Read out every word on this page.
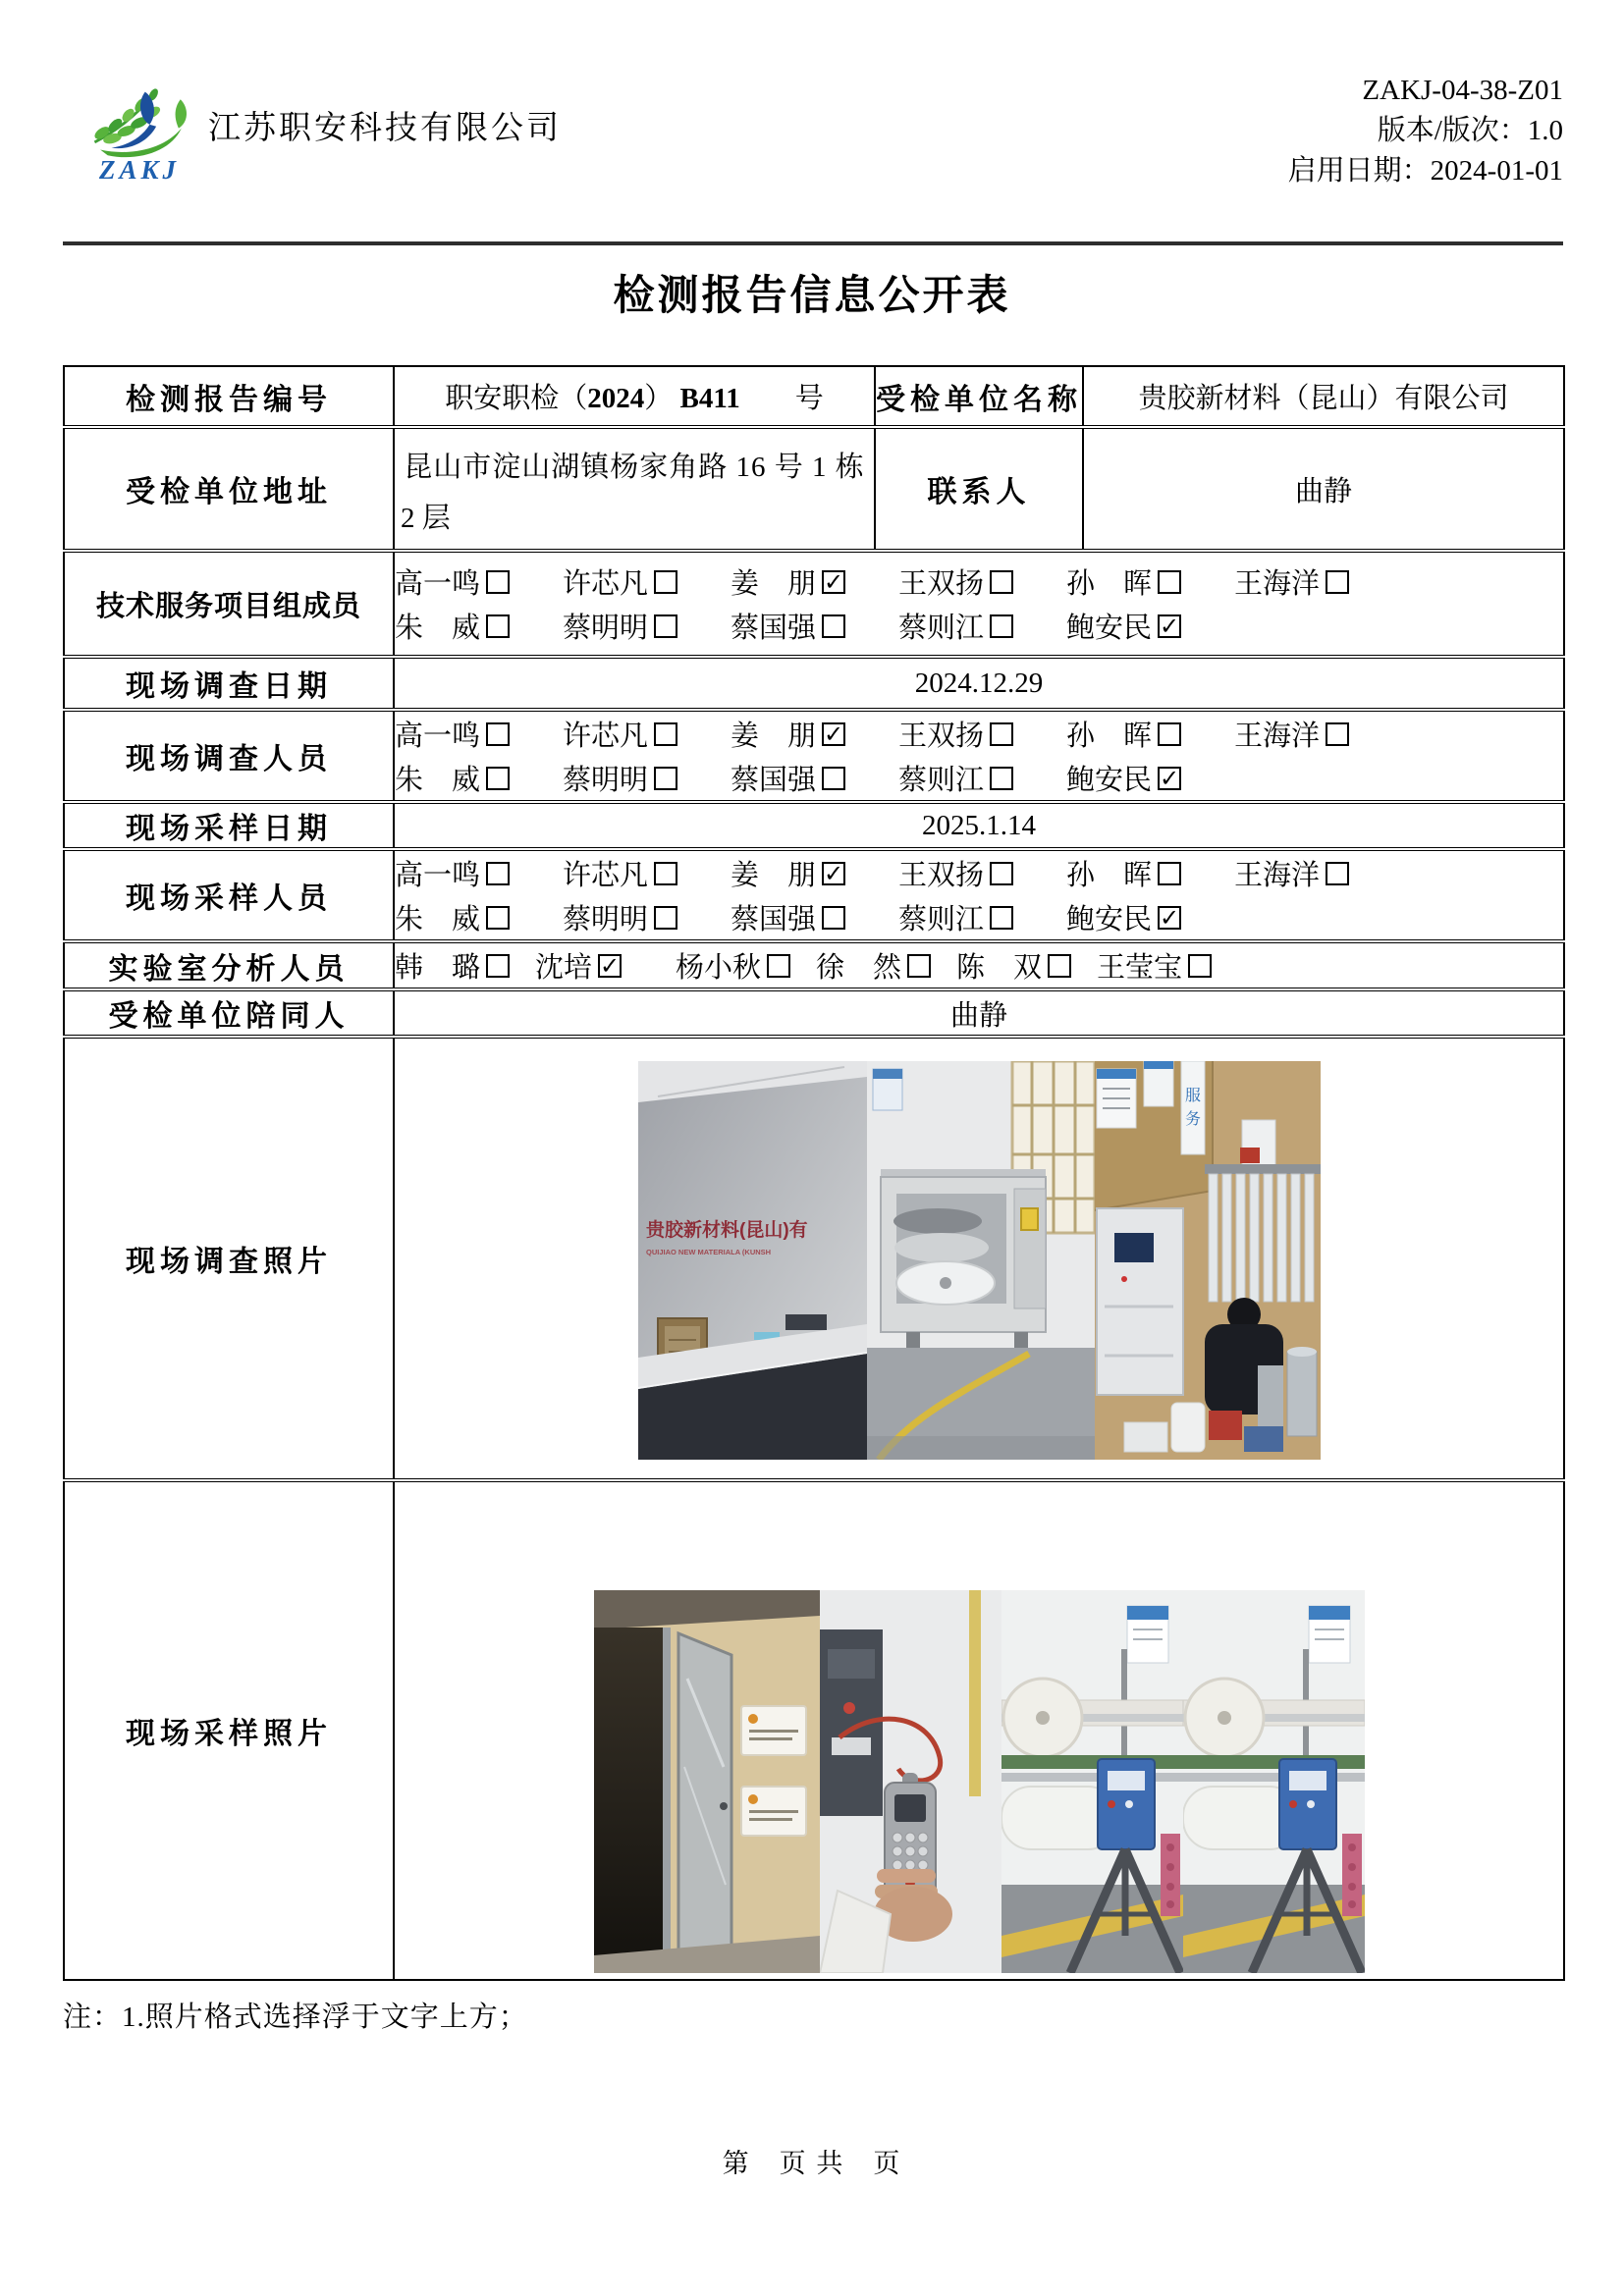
ZAKJ
江苏职安科技有限公司
ZAKJ-04-38-Z01
版本/版次：1.0
启用日期：2024-01-01
检测报告信息公开表
检测报告编号	职安职检（2024） B411 号	受检单位名称	贵胶新材料（昆山）有限公司
受检单位地址	昆山市淀山湖镇杨家角路 16 号 1 栋
2 层	联系人	曲静
技术服务项目组成员	
高一鸣	许芯凡	姜　朋 ✓ 王双扬	孙　晖	王海洋
朱　威	蔡明明	蔡国强	蔡则江	鲍安民 ✓

现场调查日期	2024.12.29		
现场调查人员	
高一鸣	许芯凡	姜　朋 ✓ 王双扬	孙　晖	王海洋
朱　威	蔡明明	蔡国强	蔡则江	鲍安民 ✓

现场采样日期	2025.1.14		
现场采样人员	
高一鸣	许芯凡	姜　朋 ✓ 王双扬	孙　晖	王海洋
朱　威	蔡明明	蔡国强	蔡则江	鲍安民 ✓

实验室分析人员	韩　璐 沈培 ✓ 杨小秋 徐　然 陈　双 王莹宝

受检单位陪同人	曲静		
现场调查照片	贵胶新材料(昆山)有
QUIJIAO NEW MATERIALA (KUNSH
服
务		

现场采样照片	
注：1.照片格式选择浮于文字上方；
第　页 共　页
